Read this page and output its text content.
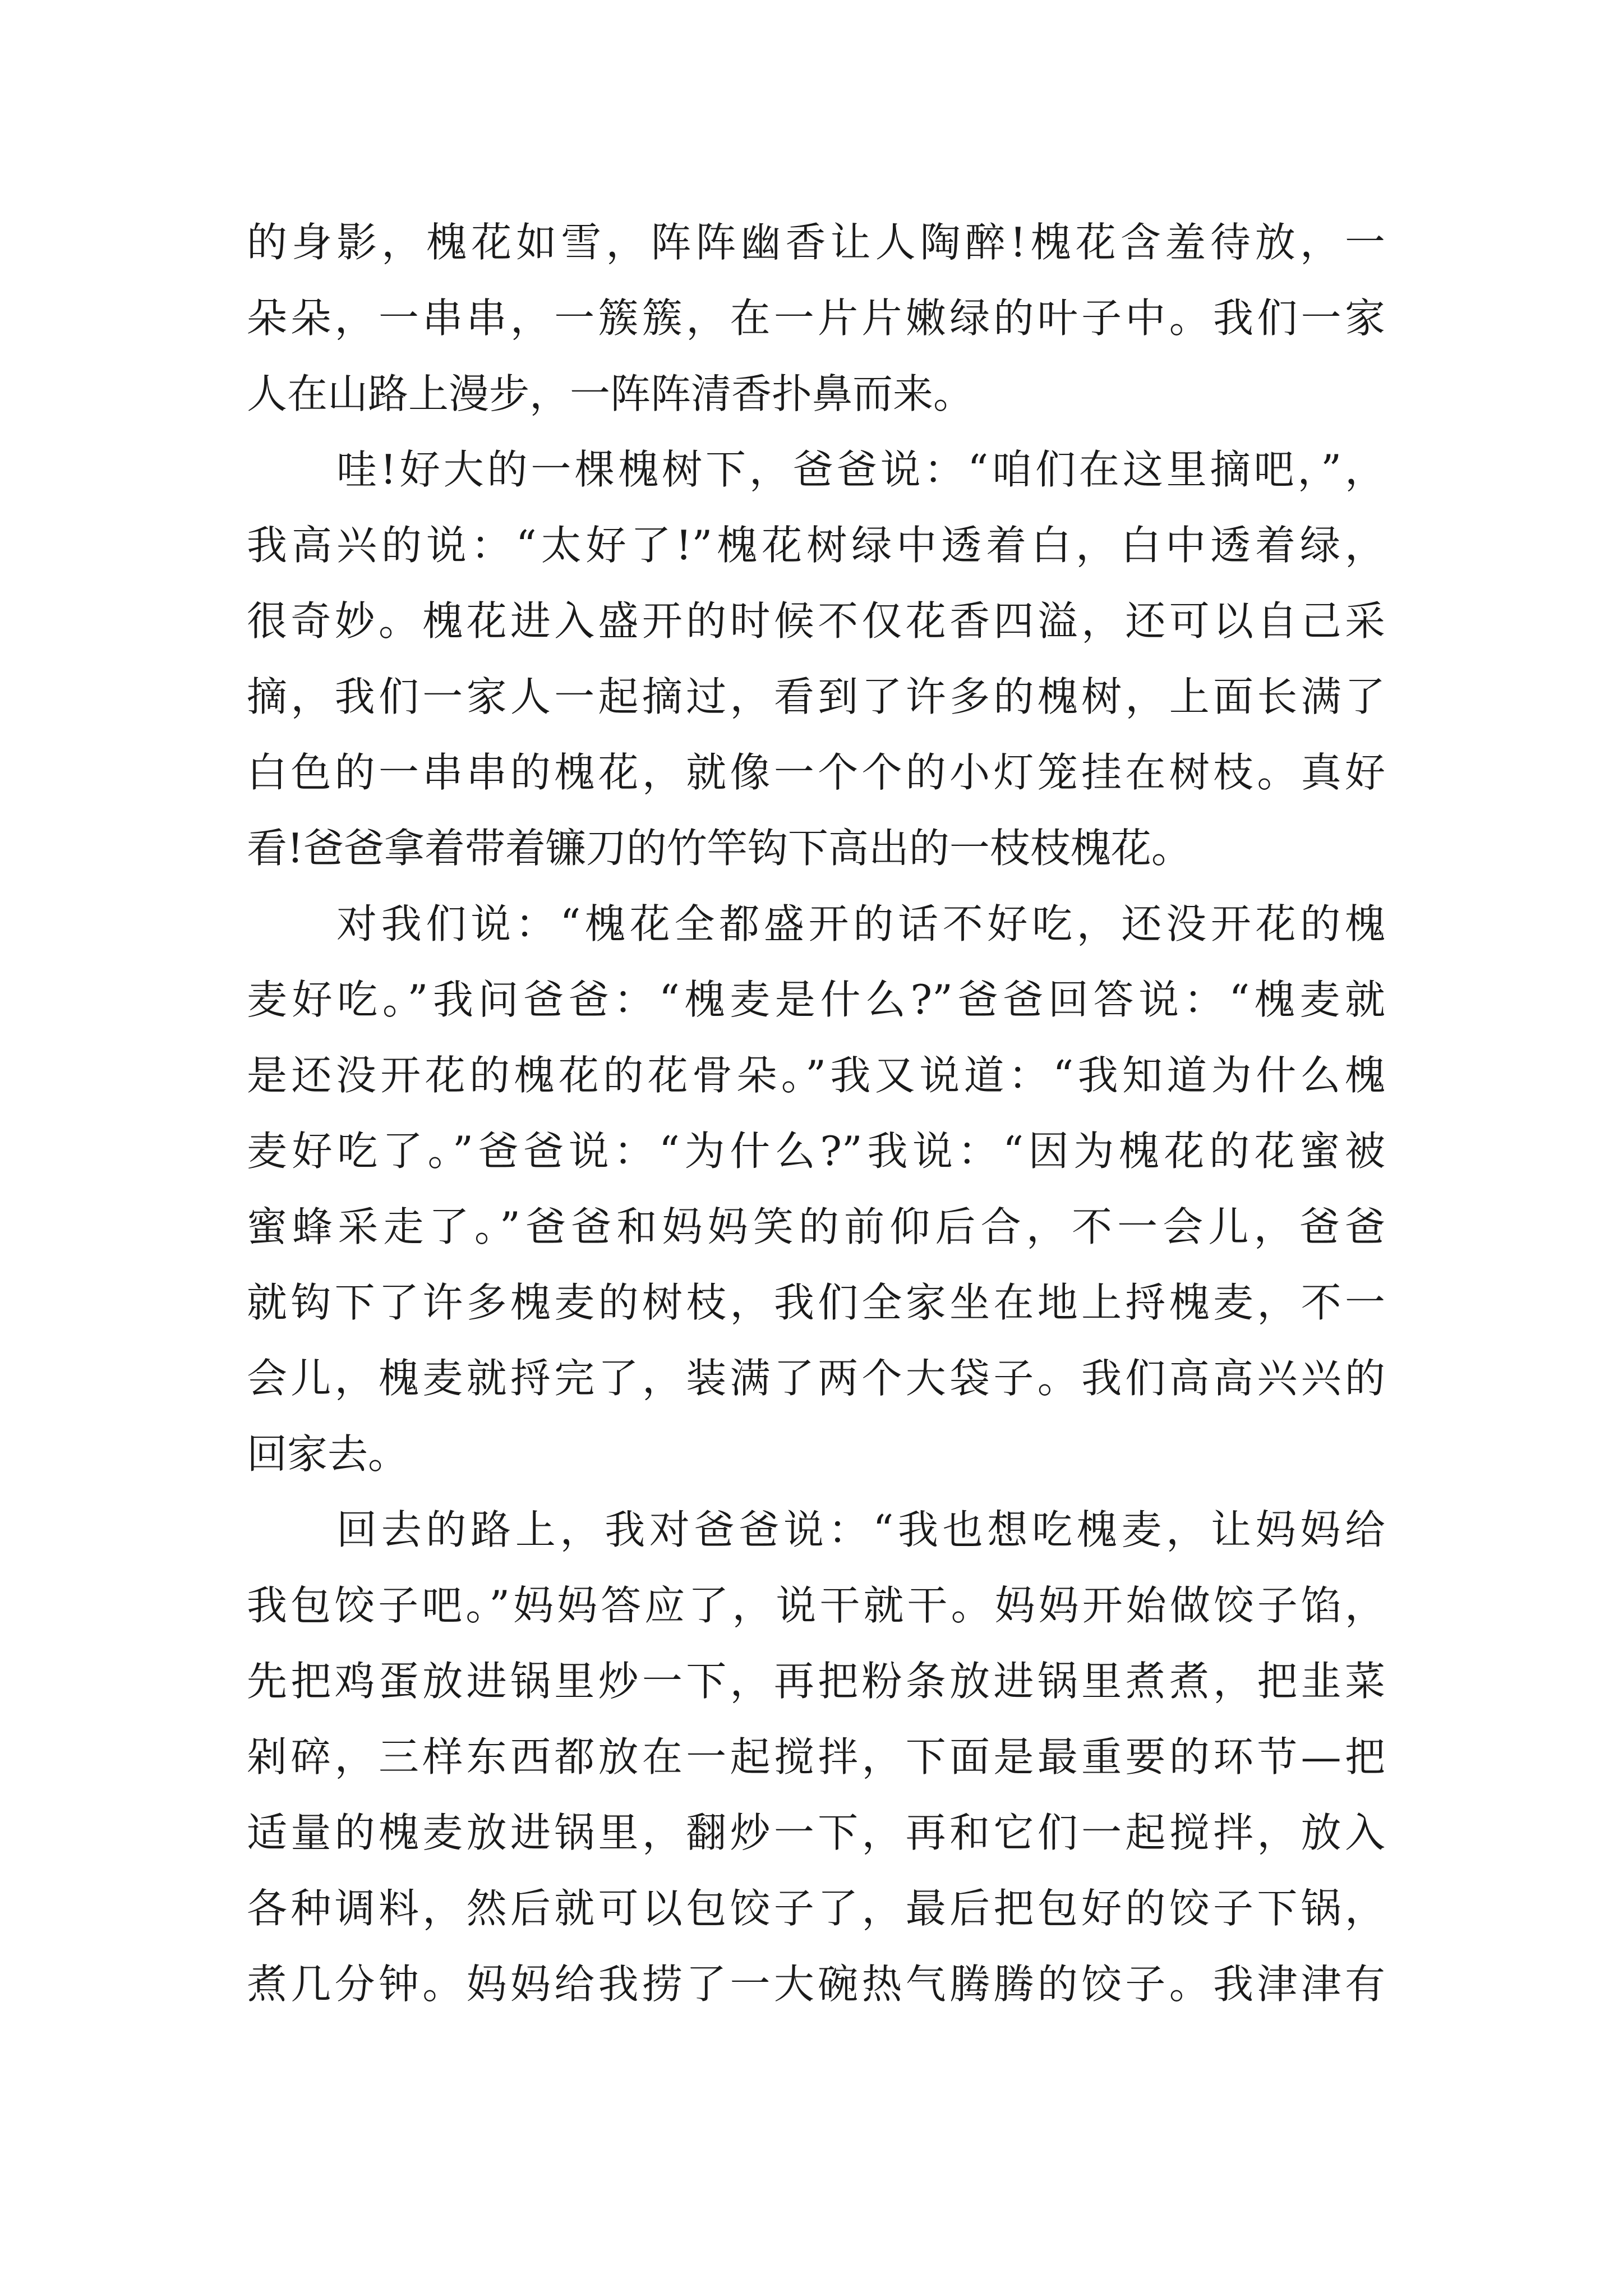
的身影，槐花如雪，阵阵幽香让人陶醉!槐花含羞待放，一
朵朵，一串串，一簇簇，在一片片嫩绿的叶子中。我们一家
人在山路上漫步，一阵阵清香扑鼻而来。
哇!好大的一棵槐树下，爸爸说：“咱们在这里摘吧，”，
我高兴的说：“太好了!”槐花树绿中透着白，白中透着绿，
很奇妙。槐花进入盛开的时候不仅花香四溢，还可以自己采
摘，我们一家人一起摘过，看到了许多的槐树，上面长满了
白色的一串串的槐花，就像一个个的小灯笼挂在树枝。真好
看!爸爸拿着带着镰刀的竹竿钩下高出的一枝枝槐花。
对我们说：“槐花全都盛开的话不好吃，还没开花的槐
麦好吃。”我问爸爸：“槐麦是什么?”爸爸回答说：“槐麦就
是还没开花的槐花的花骨朵。”我又说道：“我知道为什么槐
麦好吃了。”爸爸说：“为什么?”我说：“因为槐花的花蜜被
蜜蜂采走了。”爸爸和妈妈笑的前仰后合，不一会儿，爸爸
就钩下了许多槐麦的树枝，我们全家坐在地上捋槐麦，不一
会儿，槐麦就捋完了，装满了两个大袋子。我们高高兴兴的
回家去。
回去的路上，我对爸爸说：“我也想吃槐麦，让妈妈给
我包饺子吧。”妈妈答应了，说干就干。妈妈开始做饺子馅，
先把鸡蛋放进锅里炒一下，再把粉条放进锅里煮煮，把韭菜
剁碎，三样东西都放在一起搅拌，下面是最重要的环节—把
适量的槐麦放进锅里，翻炒一下，再和它们一起搅拌，放入
各种调料，然后就可以包饺子了，最后把包好的饺子下锅，
煮几分钟。妈妈给我捞了一大碗热气腾腾的饺子。我津津有
